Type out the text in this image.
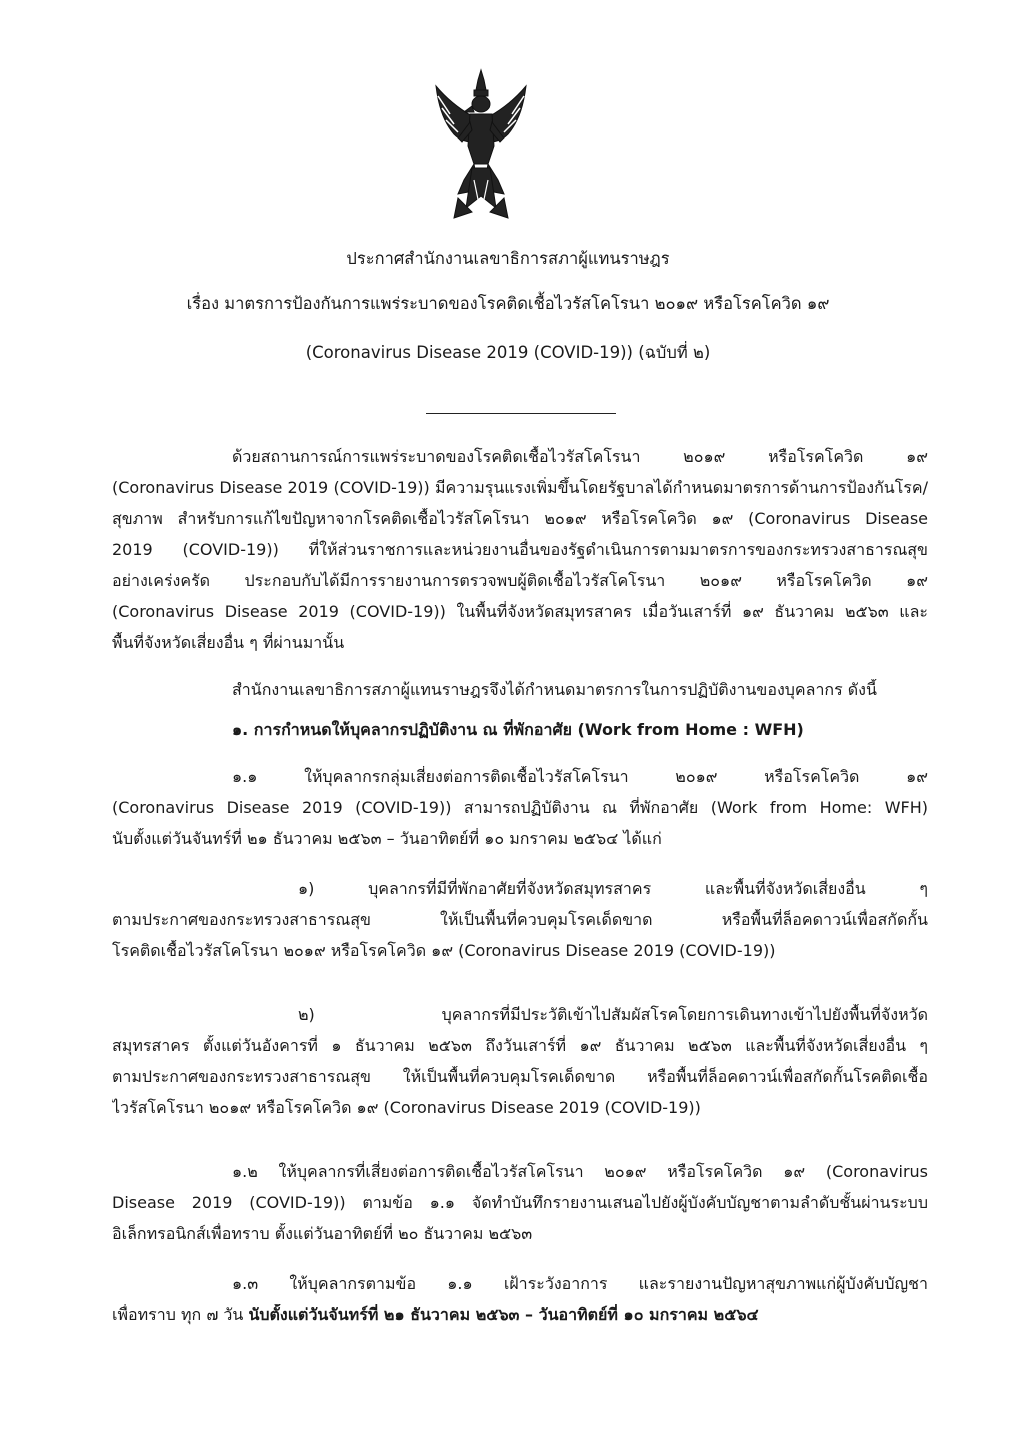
ประกาศสำนักงานเลขาธิการสภาผู้แทนราษฎร
เรื่อง มาตรการป้องกันการแพร่ระบาดของโรคติดเชื้อไวรัสโคโรนา ๒๐๑๙ หรือโรคโควิด ๑๙
(Coronavirus Disease 2019 (COVID-19)) (ฉบับที่ ๒)
ด้วยสถานการณ์การแพร่ระบาดของโรคติดเชื้อไวรัสโคโรนา ๒๐๑๙ หรือโรคโควิด ๑๙
(Coronavirus Disease 2019 (COVID-19)) มีความรุนแรงเพิ่มขึ้นโดยรัฐบาลได้กำหนดมาตรการด้านการป้องกันโรค/
สุขภาพ สำหรับการแก้ไขปัญหาจากโรคติดเชื้อไวรัสโคโรนา ๒๐๑๙ หรือโรคโควิด ๑๙ (Coronavirus Disease
2019 (COVID-19)) ที่ให้ส่วนราชการและหน่วยงานอื่นของรัฐดำเนินการตามมาตรการของกระทรวงสาธารณสุข
อย่างเคร่งครัด ประกอบกับได้มีการรายงานการตรวจพบผู้ติดเชื้อไวรัสโคโรนา ๒๐๑๙ หรือโรคโควิด ๑๙
(Coronavirus Disease 2019 (COVID-19)) ในพื้นที่จังหวัดสมุทรสาคร เมื่อวันเสาร์ที่ ๑๙ ธันวาคม ๒๕๖๓ และ
พื้นที่จังหวัดเสี่ยงอื่น ๆ ที่ผ่านมานั้น
สำนักงานเลขาธิการสภาผู้แทนราษฎรจึงได้กำหนดมาตรการในการปฏิบัติงานของบุคลากร ดังนี้
๑. การกำหนดให้บุคลากรปฏิบัติงาน ณ ที่พักอาศัย (Work from Home : WFH)
๑.๑ ให้บุคลากรกลุ่มเสี่ยงต่อการติดเชื้อไวรัสโคโรนา ๒๐๑๙ หรือโรคโควิด ๑๙
(Coronavirus Disease 2019 (COVID-19)) สามารถปฏิบัติงาน ณ ที่พักอาศัย (Work from Home: WFH)
นับตั้งแต่วันจันทร์ที่ ๒๑ ธันวาคม ๒๕๖๓ – วันอาทิตย์ที่ ๑๐ มกราคม ๒๕๖๔ ได้แก่
๑) บุคลากรที่มีที่พักอาศัยที่จังหวัดสมุทรสาคร และพื้นที่จังหวัดเสี่ยงอื่น ๆ
ตามประกาศของกระทรวงสาธารณสุข ให้เป็นพื้นที่ควบคุมโรคเด็ดขาด หรือพื้นที่ล็อคดาวน์เพื่อสกัดกั้น
โรคติดเชื้อไวรัสโคโรนา ๒๐๑๙ หรือโรคโควิด ๑๙ (Coronavirus Disease 2019 (COVID-19))
๒) บุคลากรที่มีประวัติเข้าไปสัมผัสโรคโดยการเดินทางเข้าไปยังพื้นที่จังหวัด
สมุทรสาคร ตั้งแต่วันอังคารที่ ๑ ธันวาคม ๒๕๖๓ ถึงวันเสาร์ที่ ๑๙ ธันวาคม ๒๕๖๓ และพื้นที่จังหวัดเสี่ยงอื่น ๆ
ตามประกาศของกระทรวงสาธารณสุข ให้เป็นพื้นที่ควบคุมโรคเด็ดขาด หรือพื้นที่ล็อคดาวน์เพื่อสกัดกั้นโรคติดเชื้อ
ไวรัสโคโรนา ๒๐๑๙ หรือโรคโควิด ๑๙ (Coronavirus Disease 2019 (COVID-19))
๑.๒ ให้บุคลากรที่เสี่ยงต่อการติดเชื้อไวรัสโคโรนา ๒๐๑๙ หรือโรคโควิด ๑๙ (Coronavirus
Disease 2019 (COVID-19)) ตามข้อ ๑.๑ จัดทำบันทึกรายงานเสนอไปยังผู้บังคับบัญชาตามลำดับชั้นผ่านระบบ
อิเล็กทรอนิกส์เพื่อทราบ ตั้งแต่วันอาทิตย์ที่ ๒๐ ธันวาคม ๒๕๖๓
๑.๓ ให้บุคลากรตามข้อ ๑.๑ เฝ้าระวังอาการ และรายงานปัญหาสุขภาพแก่ผู้บังคับบัญชา
เพื่อทราบ ทุก ๗ วัน นับตั้งแต่วันจันทร์ที่ ๒๑ ธันวาคม ๒๕๖๓ – วันอาทิตย์ที่ ๑๐ มกราคม ๒๕๖๔
